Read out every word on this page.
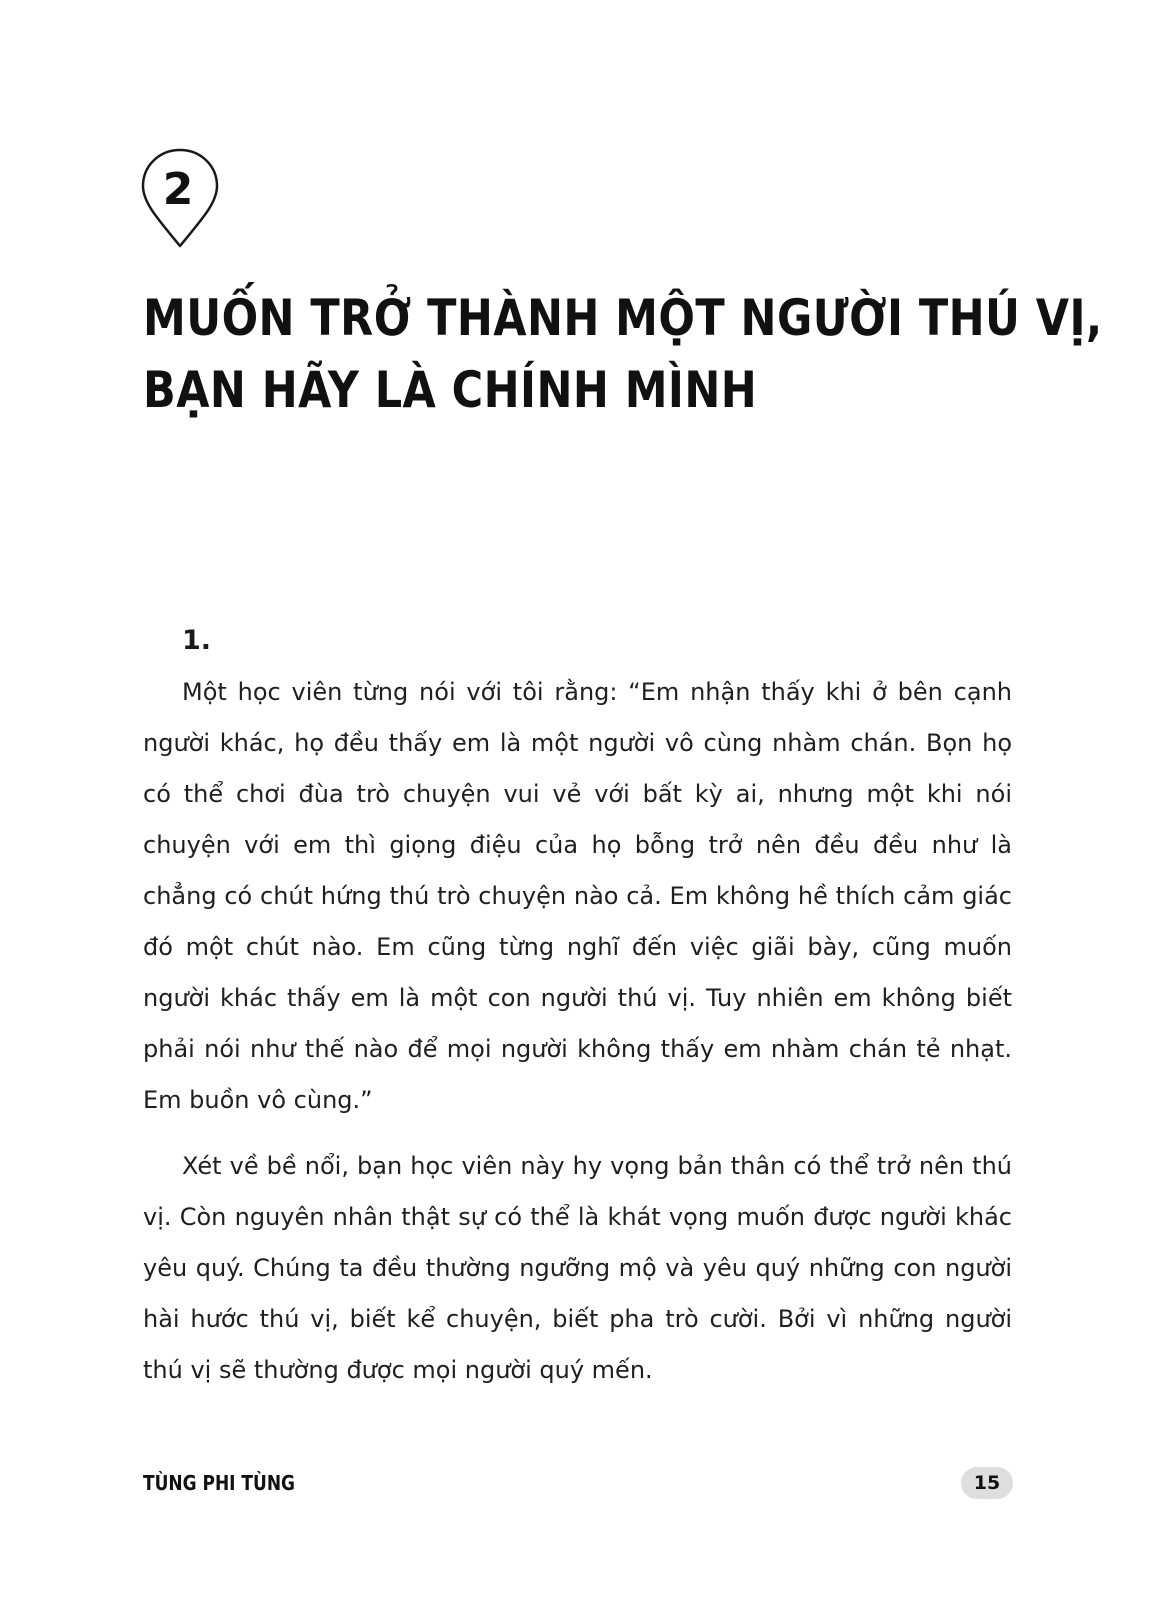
2
MUỐN TRỞ THÀNH MỘT NGƯỜI THÚ VỊ,
BẠN HÃY LÀ CHÍNH MÌNH
1.

Một học viên từng nói với tôi rằng: “Em nhận thấy khi ở bên cạnh người khác, họ đều thấy em là một người vô cùng nhàm chán. Bọn họ có thể chơi đùa trò chuyện vui vẻ với bất kỳ ai, nhưng một khi nói chuyện với em thì giọng điệu của họ bỗng trở nên đều đều như là chẳng có chút hứng thú trò chuyện nào cả. Em không hề thích cảm giác đó một chút nào. Em cũng từng nghĩ đến việc giãi bày, cũng muốn người khác thấy em là một con người thú vị. Tuy nhiên em không biết phải nói như thế nào để mọi người không thấy em nhàm chán tẻ nhạt. Em buồn vô cùng.”

Xét về bề nổi, bạn học viên này hy vọng bản thân có thể trở nên thú vị. Còn nguyên nhân thật sự có thể là khát vọng muốn được người khác yêu quý. Chúng ta đều thường ngưỡng mộ và yêu quý những con người hài hước thú vị, biết kể chuyện, biết pha trò cười. Bởi vì những người thú vị sẽ thường được mọi người quý mến.

TÙNG PHI TÙNG	15
